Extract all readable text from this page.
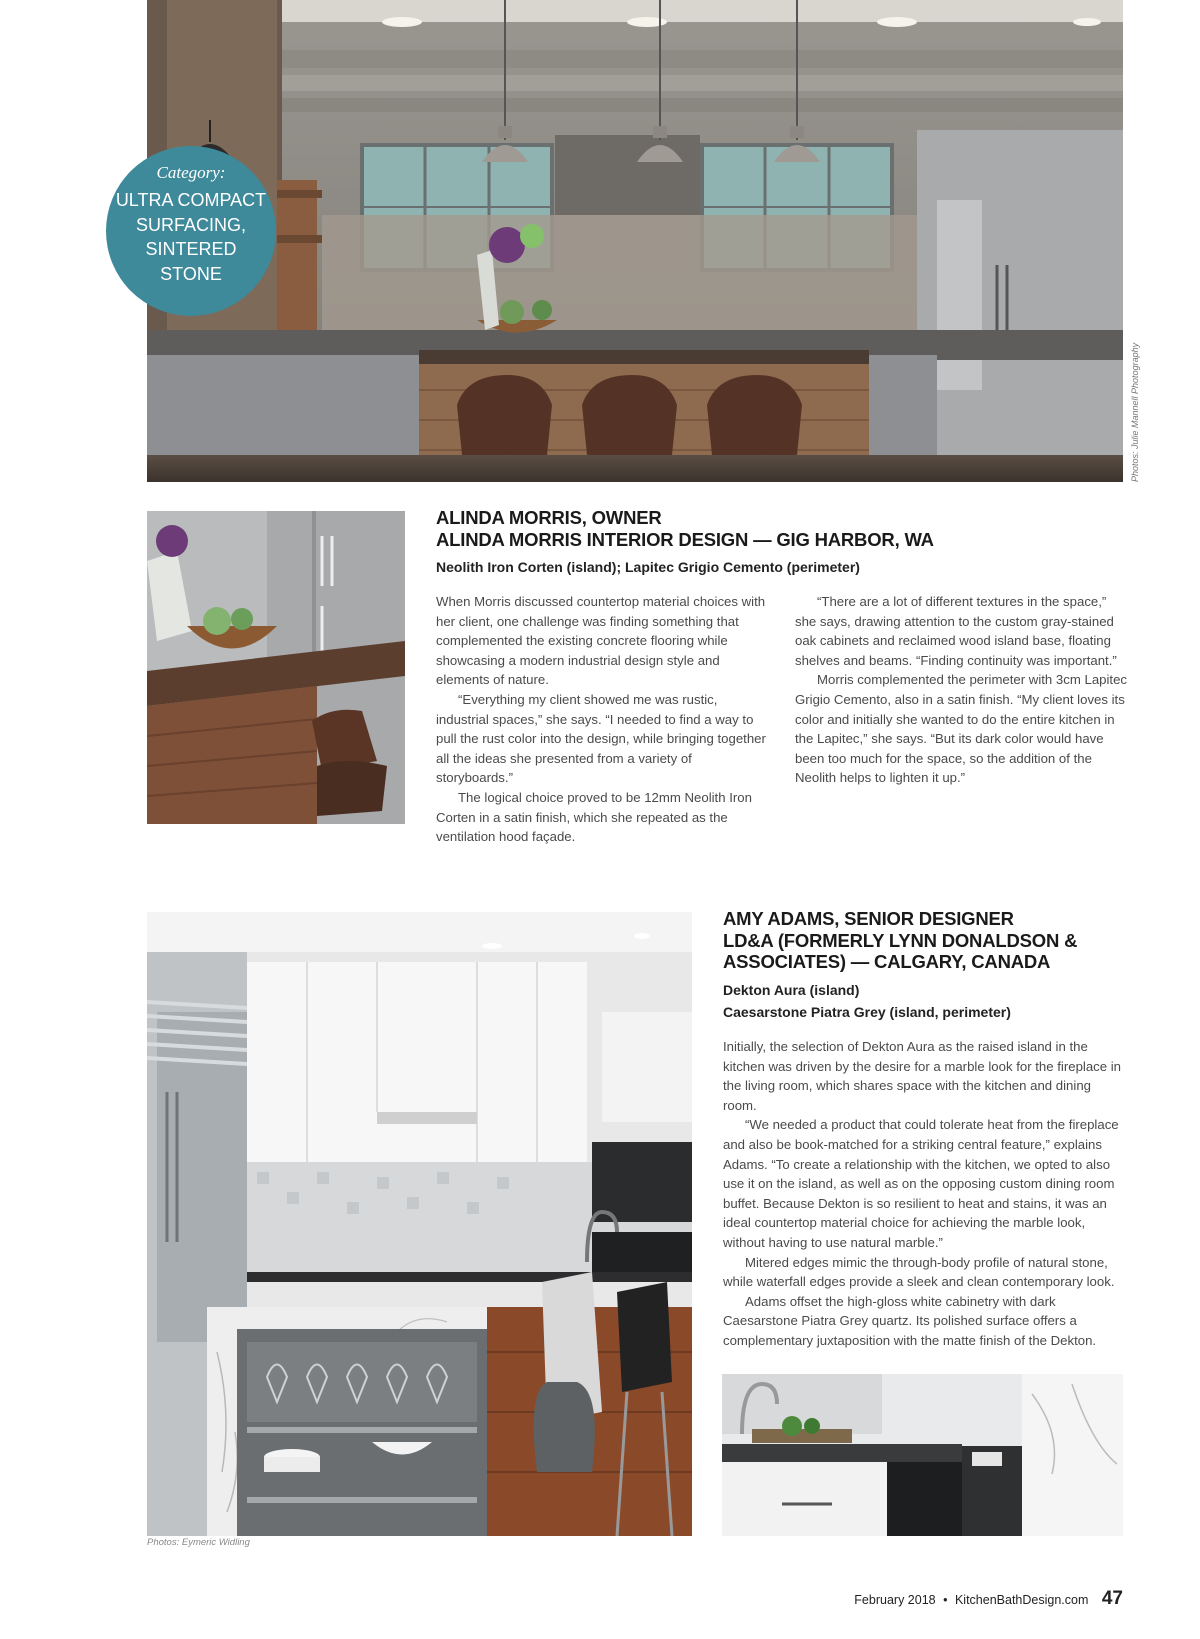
Category:
ULTRA COMPACT
SURFACING,
SINTERED
STONE
Photos: Julie Mannell Photography
ALINDA MORRIS, OWNER
ALINDA MORRIS INTERIOR DESIGN — GIG HARBOR, WA
Neolith Iron Corten (island); Lapitec Grigio Cemento (perimeter)

When Morris discussed countertop material choices with her client, one challenge was finding something that complemented the existing concrete flooring while showcasing a modern industrial design style and elements of nature.

“Everything my client showed me was rustic, industrial spaces,” she says. “I needed to find a way to pull the rust color into the design, while bringing together all the ideas she presented from a variety of storyboards.”

The logical choice proved to be 12mm Neolith Iron Corten in a satin finish, which she repeated as the ventilation hood façade.

“There are a lot of different textures in the space,” she says, drawing attention to the custom gray-stained oak cabinets and reclaimed wood island base, floating shelves and beams. “Finding continuity was important.”

Morris complemented the perimeter with 3cm Lapitec Grigio Cemento, also in a satin finish. “My client loves its color and initially she wanted to do the entire kitchen in the Lapitec,” she says. “But its dark color would have been too much for the space, so the addition of the Neolith helps to lighten it up.”

AMY ADAMS, SENIOR DESIGNER
LD&A (FORMERLY LYNN DONALDSON &
ASSOCIATES) — CALGARY, CANADA
Dekton Aura (island)
Caesarstone Piatra Grey (island, perimeter)

Initially, the selection of Dekton Aura as the raised island in the kitchen was driven by the desire for a marble look for the fireplace in the living room, which shares space with the kitchen and dining room.

“We needed a product that could tolerate heat from the fireplace and also be book-matched for a striking central feature,” explains Adams. “To create a relationship with the kitchen, we opted to also use it on the island, as well as on the opposing custom dining room buffet. Because Dekton is so resilient to heat and stains, it was an ideal countertop material choice for achieving the marble look, without having to use natural marble.”

Mitered edges mimic the through-body profile of natural stone, while waterfall edges provide a sleek and clean contemporary look.

Adams offset the high-gloss white cabinetry with dark Caesarstone Piatra Grey quartz. Its polished surface offers a complementary juxtaposition with the matte finish of the Dekton.

Photos: Eymeric Widling
February 2018 • KitchenBathDesign.com 47
